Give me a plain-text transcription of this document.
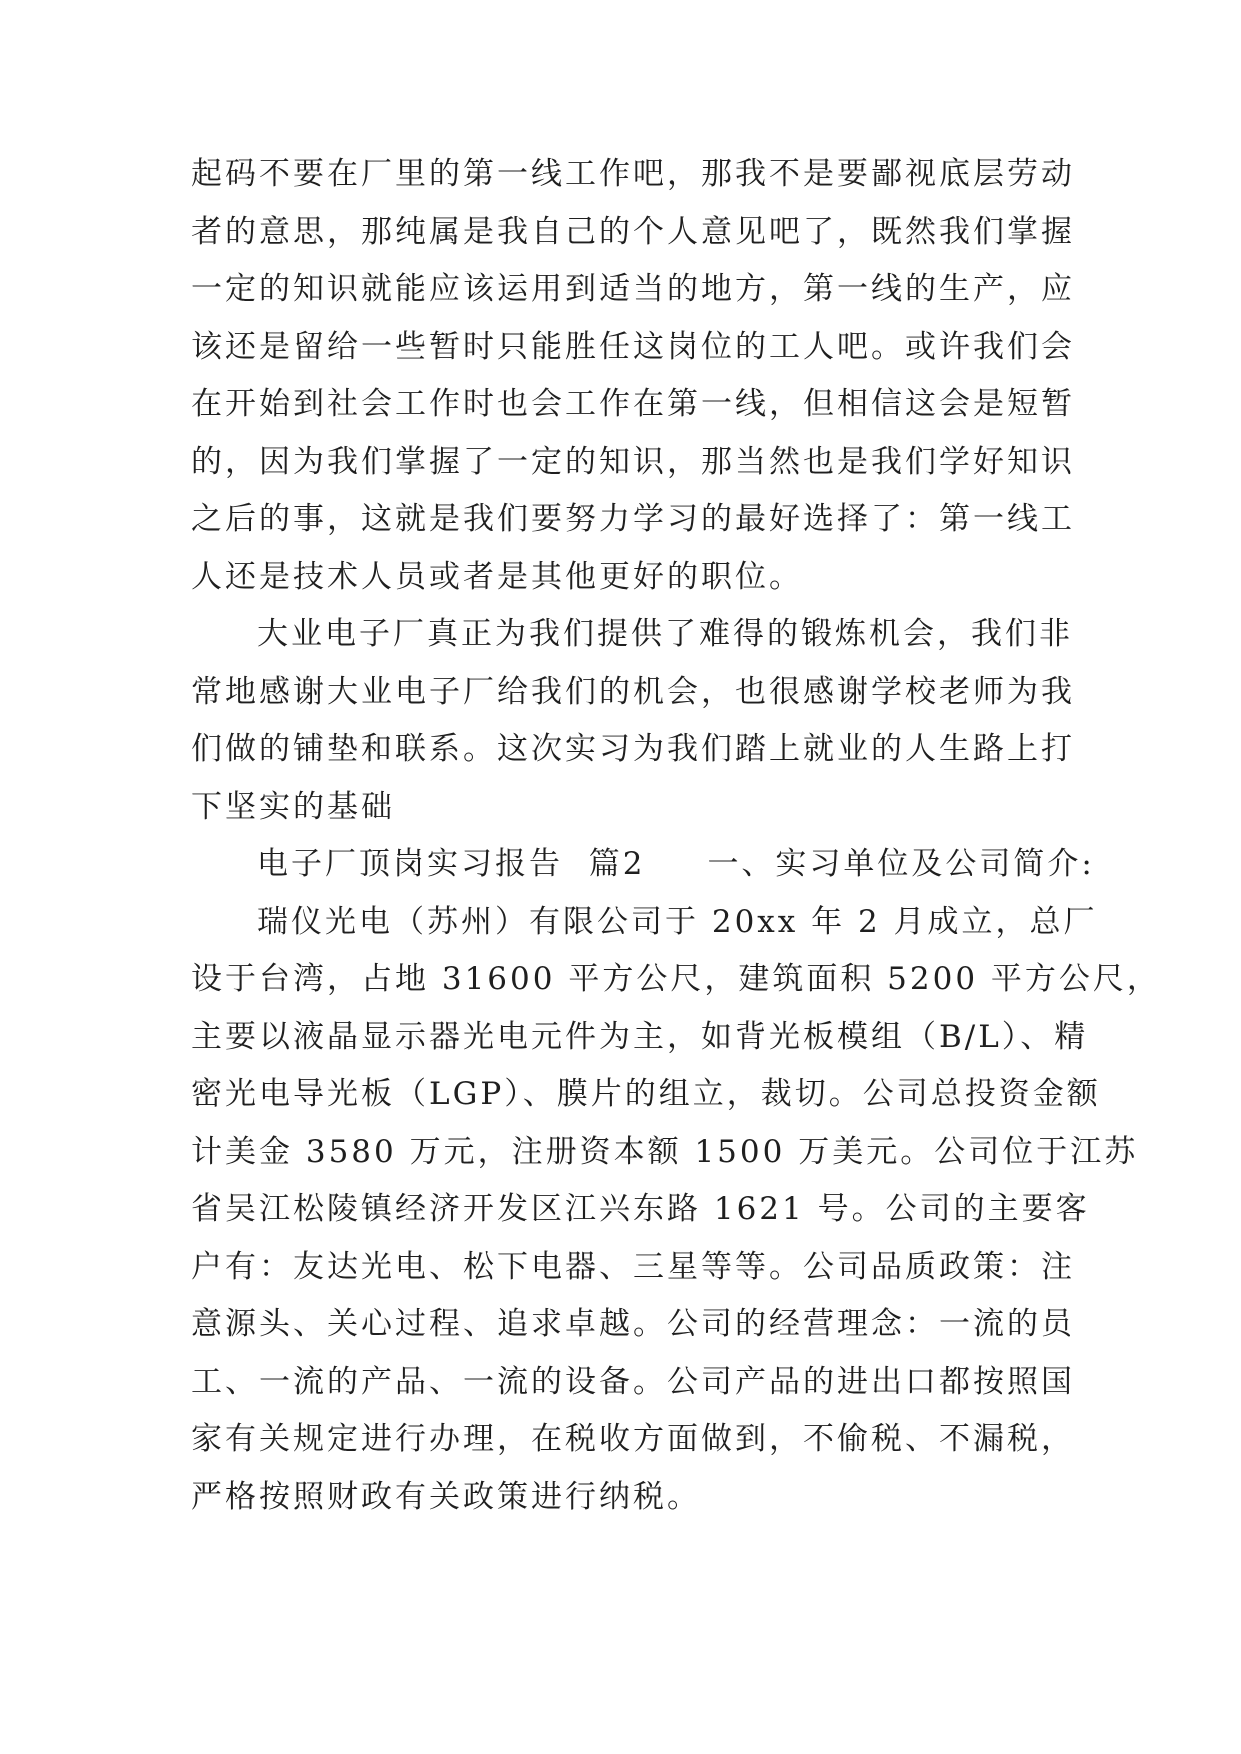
起码不要在厂里的第一线工作吧，那我不是要鄙视底层劳动
者的意思，那纯属是我自己的个人意见吧了，既然我们掌握
一定的知识就能应该运用到适当的地方，第一线的生产，应
该还是留给一些暂时只能胜任这岗位的工人吧。或许我们会
在开始到社会工作时也会工作在第一线，但相信这会是短暂
的，因为我们掌握了一定的知识，那当然也是我们学好知识
之后的事，这就是我们要努力学习的最好选择了：第一线工
人还是技术人员或者是其他更好的职位。
大业电子厂真正为我们提供了难得的锻炼机会，我们非
常地感谢大业电子厂给我们的机会，也很感谢学校老师为我
们做的铺垫和联系。这次实习为我们踏上就业的人生路上打
下坚实的基础
电子厂顶岗实习报告  篇2 一、实习单位及公司简介:
瑞仪光电（苏州）有限公司于 20xx 年 2 月成立，总厂
设于台湾，占地 31600 平方公尺，建筑面积 5200 平方公尺，
主要以液晶显示器光电元件为主，如背光板模组（B/L）、精
密光电导光板（LGP）、膜片的组立，裁切。公司总投资金额
计美金 3580 万元，注册资本额 1500 万美元。公司位于江苏
省吴江松陵镇经济开发区江兴东路 1621 号。公司的主要客
户有：友达光电、松下电器、三星等等。公司品质政策：注
意源头、关心过程、追求卓越。公司的经营理念：一流的员
工、一流的产品、一流的设备。公司产品的进出口都按照国
家有关规定进行办理，在税收方面做到，不偷税、不漏税，
严格按照财政有关政策进行纳税。
